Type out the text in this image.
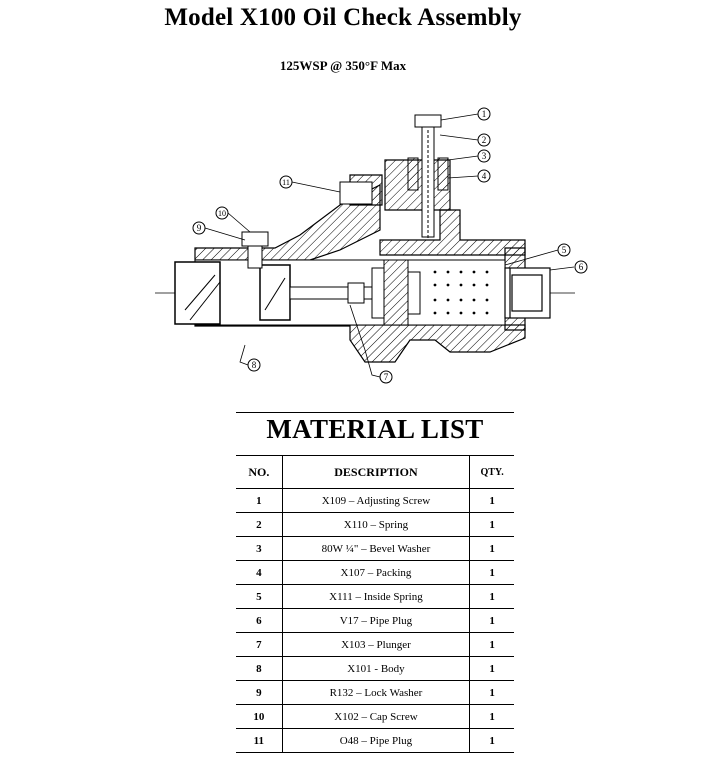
Model X100 Oil Check Assembly
125WSP @ 350°F Max
1
2
3
4
5
6
7
8
9
10
11
MATERIAL LIST
NO.	DESCRIPTION	QTY.
1	X109 – Adjusting Screw	1
2	X110 – Spring	1
3	80W ¼" – Bevel Washer	1
4	X107 – Packing	1
5	X111 – Inside Spring	1
6	V17 – Pipe Plug	1
7	X103 – Plunger	1
8	X101 - Body	1
9	R132 – Lock Washer	1
10	X102 – Cap Screw	1
11	O48 – Pipe Plug	1
